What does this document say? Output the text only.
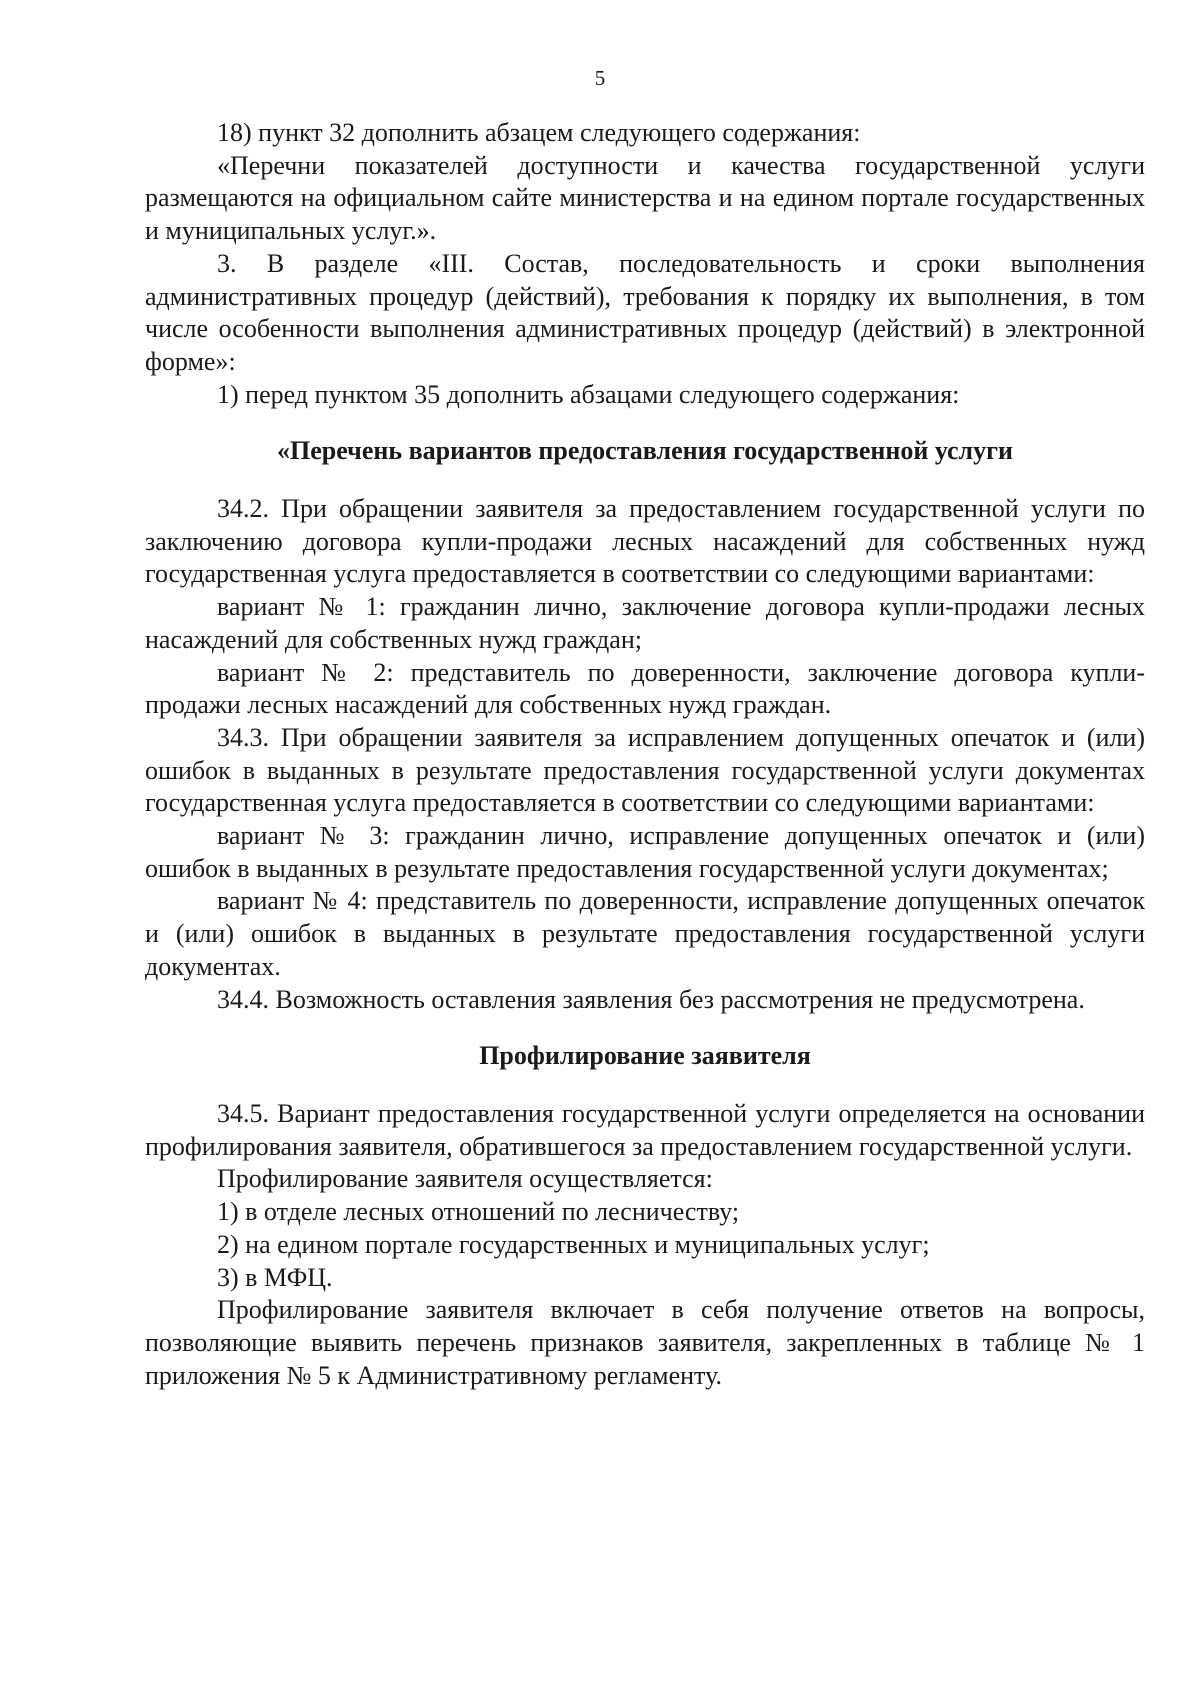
5

18) пункт 32 дополнить абзацем следующего содержания:

«Перечни показателей доступности и качества государственной услуги размещаются на официальном сайте министерства и на едином портале государственных и муниципальных услуг.».

3. В разделе «III. Состав, последовательность и сроки выполнения административных процедур (действий), требования к порядку их выполнения, в том числе особенности выполнения административных процедур (действий) в электронной форме»:

1) перед пунктом 35 дополнить абзацами следующего содержания:

«Перечень вариантов предоставления государственной услуги

34.2. При обращении заявителя за предоставлением государственной услуги по заключению договора купли-продажи лесных насаждений для собственных нужд государственная услуга предоставляется в соответствии со следующими вариантами:

вариант № 1: гражданин лично, заключение договора купли-продажи лесных насаждений для собственных нужд граждан;

вариант № 2: представитель по доверенности, заключение договора купли-продажи лесных насаждений для собственных нужд граждан.

34.3. При обращении заявителя за исправлением допущенных опечаток и (или) ошибок в выданных в результате предоставления государственной услуги документах государственная услуга предоставляется в соответствии со следующими вариантами:

вариант № 3: гражданин лично, исправление допущенных опечаток и (или) ошибок в выданных в результате предоставления государственной услуги документах;

вариант № 4: представитель по доверенности, исправление допущенных опечаток и (или) ошибок в выданных в результате предоставления государственной услуги документах.

34.4. Возможность оставления заявления без рассмотрения не предусмотрена.

Профилирование заявителя

34.5. Вариант предоставления государственной услуги определяется на основании профилирования заявителя, обратившегося за предоставлением государственной услуги.

Профилирование заявителя осуществляется:

1) в отделе лесных отношений по лесничеству;

2) на едином портале государственных и муниципальных услуг;

3) в МФЦ.

Профилирование заявителя включает в себя получение ответов на вопросы, позволяющие выявить перечень признаков заявителя, закрепленных в таблице № 1 приложения № 5 к Административному регламенту.
